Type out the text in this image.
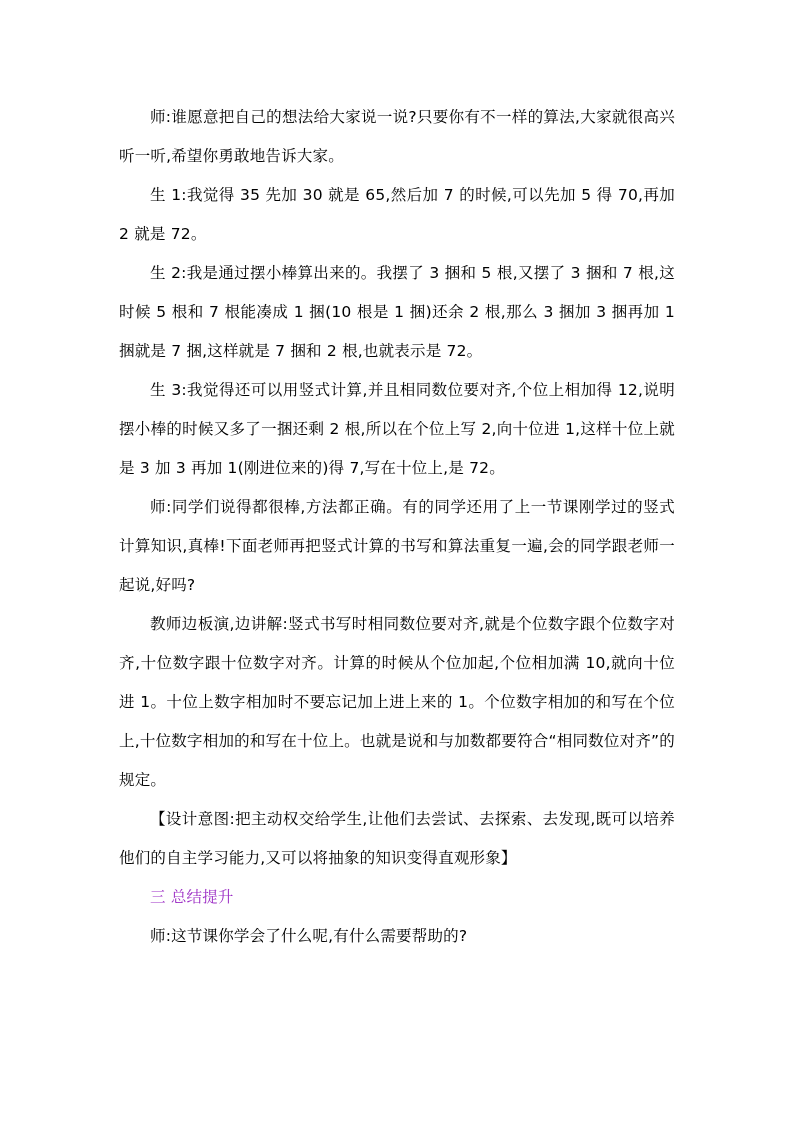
师:谁愿意把自己的想法给大家说一说?只要你有不一样的算法,大家就很高兴听一听,希望你勇敢地告诉大家。

生 1:我觉得 35 先加 30 就是 65,然后加 7 的时候,可以先加 5 得 70,再加 2 就是 72。

生 2:我是通过摆小棒算出来的。我摆了 3 捆和 5 根,又摆了 3 捆和 7 根,这时候 5 根和 7 根能凑成 1 捆(10 根是 1 捆)还余 2 根,那么 3 捆加 3 捆再加 1 捆就是 7 捆,这样就是 7 捆和 2 根,也就表示是 72。

生 3:我觉得还可以用竖式计算,并且相同数位要对齐,个位上相加得 12,说明摆小棒的时候又多了一捆还剩 2 根,所以在个位上写 2,向十位进 1,这样十位上就是 3 加 3 再加 1(刚进位来的)得 7,写在十位上,是 72。

师:同学们说得都很棒,方法都正确。有的同学还用了上一节课刚学过的竖式计算知识,真棒!下面老师再把竖式计算的书写和算法重复一遍,会的同学跟老师一起说,好吗?

教师边板演,边讲解:竖式书写时相同数位要对齐,就是个位数字跟个位数字对齐,十位数字跟十位数字对齐。计算的时候从个位加起,个位相加满 10,就向十位进 1。十位上数字相加时不要忘记加上进上来的 1。个位数字相加的和写在个位上,十位数字相加的和写在十位上。也就是说和与加数都要符合“相同数位对齐”的规定。

【设计意图:把主动权交给学生,让他们去尝试、去探索、去发现,既可以培养他们的自主学习能力,又可以将抽象的知识变得直观形象】

三 总结提升

师:这节课你学会了什么呢,有什么需要帮助的?
